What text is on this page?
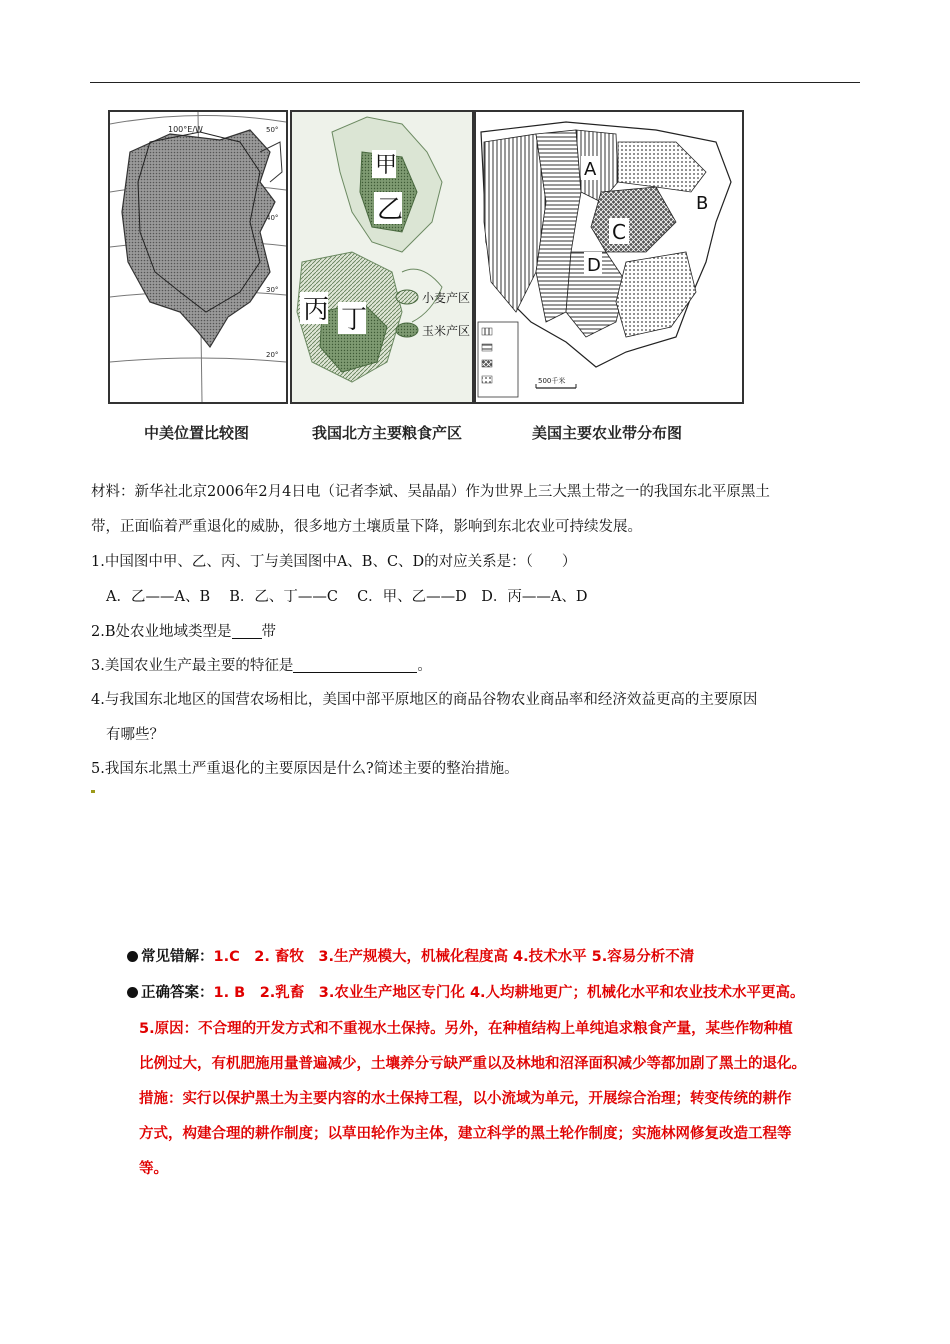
100°E/W	50°
40°
30°
20°
中美位置比较图
甲
乙
丙 丁
小麦产区
玉米产区
我国北方主要粮食产区
A
B
C
D
500千米
美国主要农业带分布图
材料：新华社北京2006年2月4日电（记者李斌、吴晶晶）作为世界上三大黑土带之一的我国东北平原黑土
带，正面临着严重退化的威胁，很多地方土壤质量下降，影响到东北农业可持续发展。
1.中国图中甲、乙、丙、丁与美国图中A、B、C、D的对应关系是：（　　）
A．乙——A、B　 B．乙、丁——C　 C．甲、乙——D　D．丙——A、D
2.B处农业地域类型是 带
3.美国农业生产最主要的特征是	。
4.与我国东北地区的国营农场相比，美国中部平原地区的商品谷物农业商品率和经济效益更高的主要原因
有哪些？
5.我国东北黑土严重退化的主要原因是什么?简述主要的整治措施。
常见错解：1.C　2. 畜牧　3.生产规模大，机械化程度高 4.技术水平 5.容易分析不清
正确答案：1. B　2.乳畜　3.农业生产地区专门化 4.人均耕地更广；机械化水平和农业技术水平更高。
5.原因：不合理的开发方式和不重视水土保持。另外，在种植结构上单纯追求粮食产量，某些作物种植
比例过大，有机肥施用量普遍减少，土壤养分亏缺严重以及林地和沼泽面积减少等都加剧了黑土的退化。
措施：实行以保护黑土为主要内容的水土保持工程，以小流域为单元，开展综合治理；转变传统的耕作
方式，构建合理的耕作制度；以草田轮作为主体，建立科学的黑土轮作制度；实施林网修复改造工程等
等。
